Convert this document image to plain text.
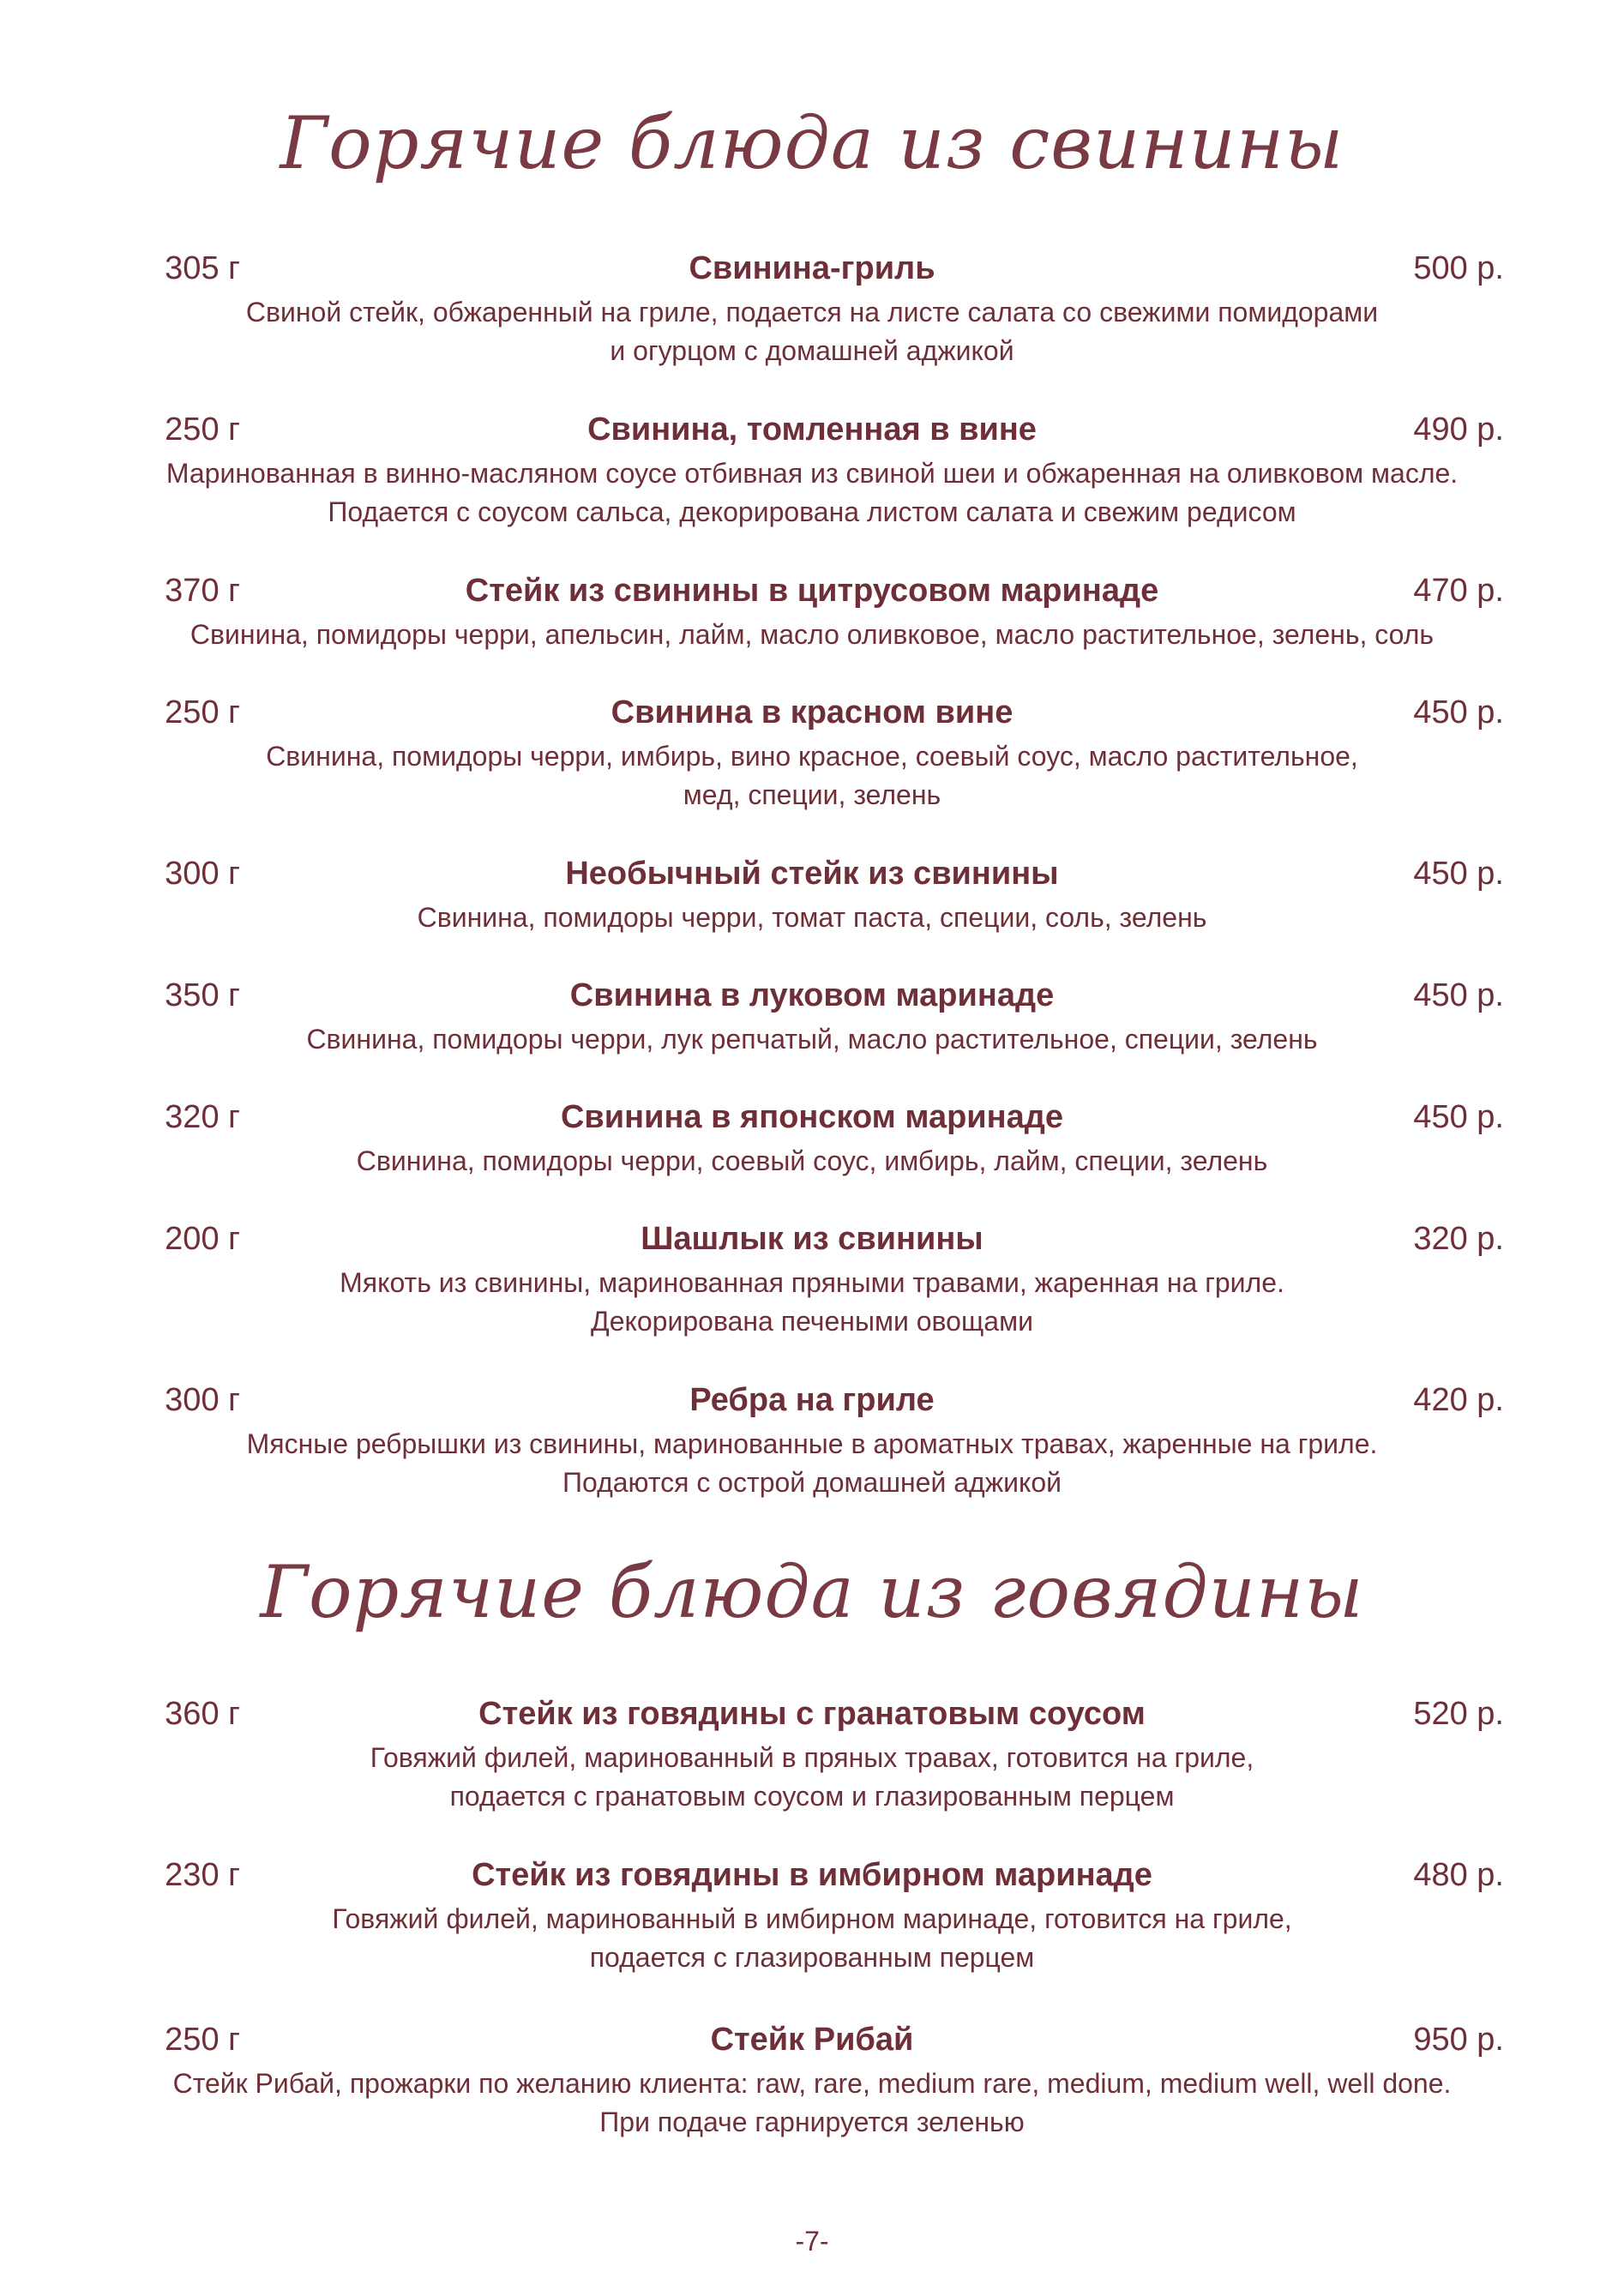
Горячие блюда из свинины
305 г	Свинина-гриль	500 р.
Свиной стейк, обжаренный на гриле, подается на листе салата со свежими помидорами
и огурцом с домашней аджикой
250 г	Свинина, томленная в вине	490 р.
Маринованная в винно-масляном соусе отбивная из свиной шеи и обжаренная на оливковом масле.
Подается с соусом сальса, декорирована листом салата и свежим редисом
370 г	Стейк из свинины в цитрусовом маринаде	470 р.
Свинина, помидоры черри, апельсин, лайм, масло оливковое, масло растительное, зелень, соль
250 г	Свинина в красном вине	450 р.
Свинина, помидоры черри, имбирь, вино красное, соевый соус, масло растительное,
мед, специи, зелень
300 г	Необычный стейк из свинины	450 р.
Свинина, помидоры черри, томат паста, специи, соль, зелень
350 г	Свинина в луковом маринаде	450 р.
Свинина, помидоры черри, лук репчатый, масло растительное, специи, зелень
320 г	Свинина в японском маринаде	450 р.
Свинина, помидоры черри, соевый соус, имбирь, лайм, специи, зелень
200 г	Шашлык из свинины	320 р.
Мякоть из свинины, маринованная пряными травами, жаренная на гриле.
Декорирована печеными овощами
300 г	Ребра на гриле	420 р.
Мясные ребрышки из свинины, маринованные в ароматных травах, жаренные на гриле.
Подаются с острой домашней аджикой
Горячие блюда из говядины
360 г	Стейк из говядины с гранатовым соусом	520 р.
Говяжий филей, маринованный в пряных травах, готовится на гриле,
подается с гранатовым соусом и глазированным перцем
230 г	Стейк из говядины в имбирном маринаде	480 р.
Говяжий филей, маринованный в имбирном маринаде, готовится на гриле,
подается с глазированным перцем
250 г	Стейк Рибай	950 р.
Стейк Рибай, прожарки по желанию клиента: raw, rare, medium rare, medium, medium well, well done.
При подаче гарнируется зеленью
-7-
